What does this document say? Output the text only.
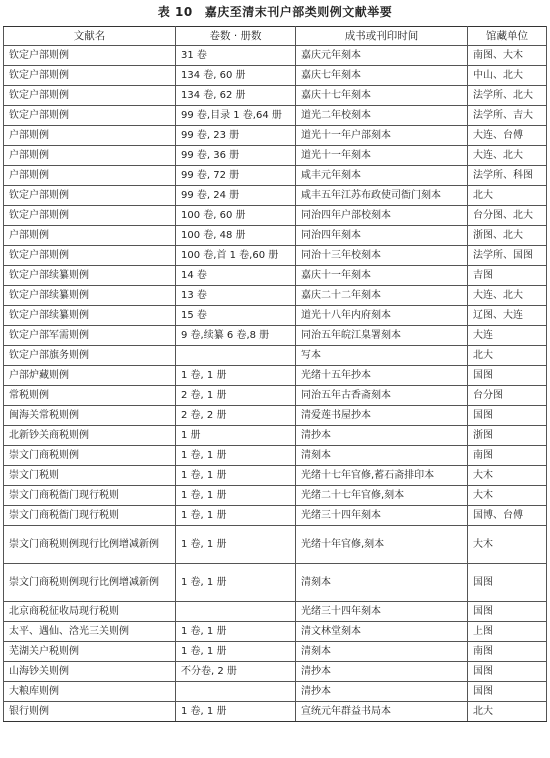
表 10 嘉庆至清末刊户部类则例文献举要
文献名	卷数 · 册数	成书或刊印时间	馆藏单位
钦定户部则例	31 卷	嘉庆元年刻本	南图、大木
钦定户部则例	134 卷, 60 册	嘉庆七年刻本	中山、北大
钦定户部则例	134 卷, 62 册	嘉庆十七年刻本	法学所、北大
钦定户部则例	99 卷,目录 1 卷,64 册	道光二年校刻本	法学所、吉大
户部则例	99 卷, 23 册	道光十一年户部刻本	大连、台傅
户部则例	99 卷, 36 册	道光十一年刻本	大连、北大
户部则例	99 卷, 72 册	咸丰元年刻本	法学所、科图
钦定户部则例	99 卷, 24 册	咸丰五年江苏布政使司衙门刻本	北大
钦定户部则例	100 卷, 60 册	同治四年户部校刻本	台分图、北大
户部则例	100 卷, 48 册	同治四年刻本	浙图、北大
钦定户部则例	100 卷,首 1 卷,60 册	同治十三年校刻本	法学所、国图
钦定户部续纂则例	14 卷	嘉庆十一年刻本	吉图
钦定户部续纂则例	13 卷	嘉庆二十二年刻本	大连、北大
钦定户部续纂则例	15 卷	道光十八年内府刻本	辽图、大连
钦定户部军需则例	9 卷,续纂 6 卷,8 册	同治五年皖江臬署刻本	大连
钦定户部旗务则例		写本	北大
户部炉藏则例	1 卷, 1 册	光绪十五年抄本	国图
常税则例	2 卷, 1 册	同治五年古香斋刻本	台分图
闽海关常税则例	2 卷, 2 册	清爱莲书屋抄本	国图
北新钞关商税则例	1 册	清抄本	浙图
崇文门商税则例	1 卷, 1 册	清刻本	南图
崇文门税则	1 卷, 1 册	光绪十七年官修,蓄石斋排印本	大木
崇文门商税衙门现行税则	1 卷, 1 册	光绪二十七年官修,刻本	大木
崇文门商税衙门现行税则	1 卷, 1 册	光绪三十四年刻本	国博、台傅
崇文门商税则例现行比例增减新例	1 卷, 1 册	光绪十年官修,刻本	大木
崇文门商税则例现行比例增减新例	1 卷, 1 册	清刻本	国图
北京商税征收局现行税则		光绪三十四年刻本	国图
太平、遇仙、浛光三关则例	1 卷, 1 册	清文林堂刻本	上图
芜湖关户税则例	1 卷, 1 册	清刻本	南图
山海钞关则例	不分卷, 2 册	清抄本	国图
大粮库则例		清抄本	国图
银行则例	1 卷, 1 册	宣统元年群益书局本	北大
